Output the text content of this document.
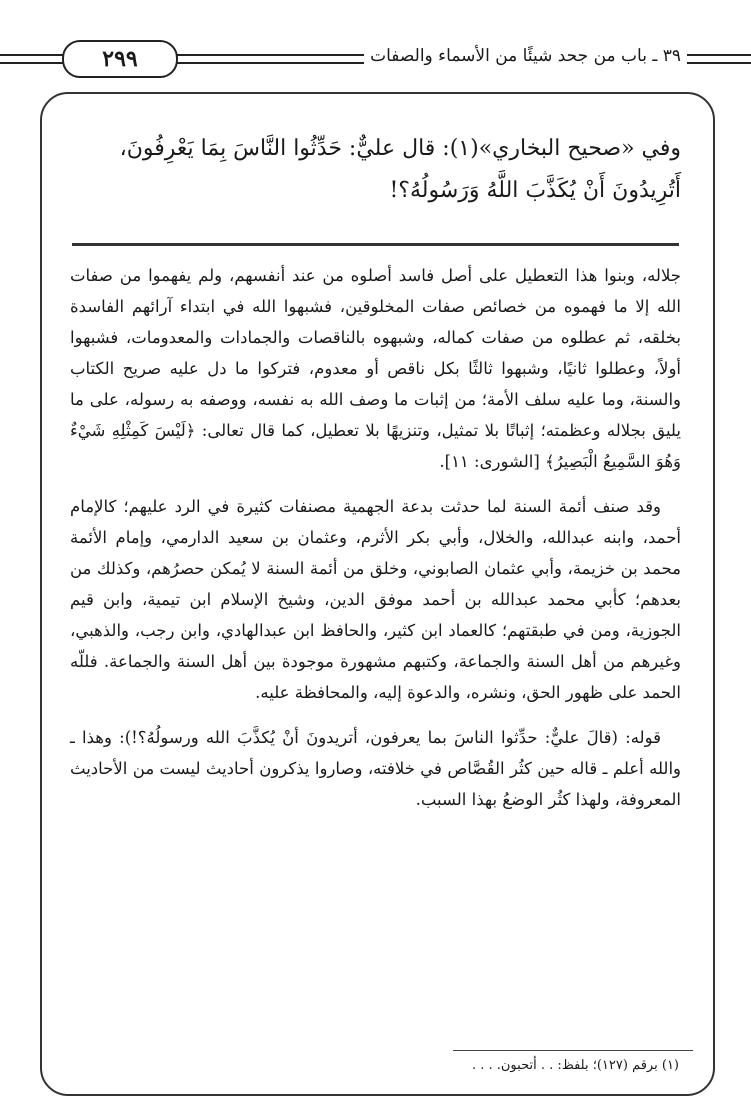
٢٩٩	٣٩ ـ باب من جحد شيئًا من الأسماء والصفات

وفي «صحيح البخاري»(١): قال عليٌّ: حَدِّثُوا النَّاسَ بِمَا يَعْرِفُونَ،

أَتُرِيدُونَ أَنْ يُكَذَّبَ اللَّهُ وَرَسُولُهُ؟!

جلاله، وبنوا هذا التعطيل على أصل فاسد أصلوه من عند أنفسهم، ولم يفهموا من صفات الله إلا ما فهموه من خصائص صفات المخلوقين، فشبهوا الله في ابتداء آرائهم الفاسدة بخلقه، ثم عطلوه من صفات كماله، وشبهوه بالناقصات والجمادات والمعدومات، فشبهوا أولاً، وعطلوا ثانيًا، وشبهوا ثالثًا بكل ناقص أو معدوم، فتركوا ما دل عليه صريح الكتاب والسنة، وما عليه سلف الأمة؛ من إثبات ما وصف الله به نفسه، ووصفه به رسوله، على ما يليق بجلاله وعظمته؛ إثباتًا بلا تمثيل، وتنزيهًا بلا تعطيل، كما قال تعالى: ﴿لَيْسَ كَمِثْلِهِ شَيْءٌ وَهُوَ السَّمِيعُ الْبَصِيرُ﴾ [الشورى: ١١].

وقد صنف أئمة السنة لما حدثت بدعة الجهمية مصنفات كثيرة في الرد عليهم؛ كالإمام أحمد، وابنه عبدالله، والخلال، وأبي بكر الأثرم، وعثمان بن سعيد الدارمي، وإمام الأئمة محمد بن خزيمة، وأبي عثمان الصابوني، وخلق من أئمة السنة لا يُمكن حصرُهم، وكذلك من بعدهم؛ كأبي محمد عبدالله بن أحمد موفق الدين، وشيخ الإسلام ابن تيمية، وابن قيم الجوزية، ومن في طبقتهم؛ كالعماد ابن كثير، والحافظ ابن عبدالهادي، وابن رجب، والذهبي، وغيرهم من أهل السنة والجماعة، وكتبهم مشهورة موجودة بين أهل السنة والجماعة. فللّه الحمد على ظهور الحق، ونشره، والدعوة إليه، والمحافظة عليه.

قوله: (قالَ عليٌّ: حدِّثوا الناسَ بما يعرفون، أتريدونَ أنْ يُكذَّبَ الله ورسولُهُ؟!): وهذا ـ والله أعلم ـ قاله حين كثُر القُصَّاص في خلافته، وصاروا يذكرون أحاديث ليست من الأحاديث المعروفة، ولهذا كثُر الوضعُ بهذا السبب.

(١) برقم (١٢٧)؛ بلفظ: . . أتحبون. . . .
